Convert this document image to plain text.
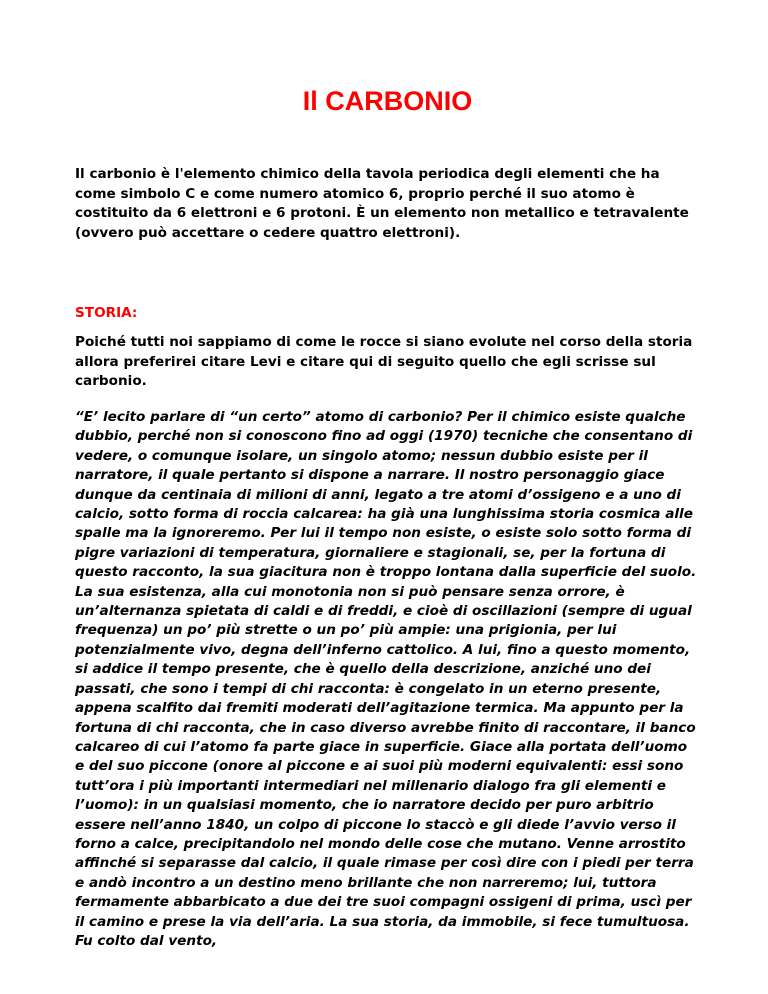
Il CARBONIO

Il carbonio è l'elemento chimico della tavola periodica degli elementi che ha come simbolo C e come numero atomico 6, proprio perché il suo atomo è costituito da 6 elettroni e 6 protoni. È un elemento non metallico e tetravalente (ovvero può accettare o cedere quattro elettroni).

STORIA:

Poiché tutti noi sappiamo di come le rocce si siano evolute nel corso della storia allora preferirei citare Levi e citare qui di seguito quello che egli scrisse sul carbonio.

“E’ lecito parlare di “un certo” atomo di carbonio? Per il chimico esiste qualche dubbio, perché non si conoscono fino ad oggi (1970) tecniche che consentano di vedere, o comunque isolare, un singolo atomo; nessun dubbio esiste per il narratore, il quale pertanto si dispone a narrare. Il nostro personaggio giace dunque da centinaia di milioni di anni, legato a tre atomi d’ossigeno e a uno di calcio, sotto forma di roccia calcarea: ha già una lunghissima storia cosmica alle spalle ma la ignoreremo. Per lui il tempo non esiste, o esiste solo sotto forma di pigre variazioni di temperatura, giornaliere e stagionali, se, per la fortuna di questo racconto, la sua giacitura non è troppo lontana dalla superficie del suolo. La sua esistenza, alla cui monotonia non si può pensare senza orrore, è un’alternanza spietata di caldi e di freddi, e cioè di oscillazioni (sempre di ugual frequenza) un po’ più strette o un po’ più ampie: una prigionia, per lui potenzialmente vivo, degna dell’inferno cattolico. A lui, fino a questo momento, si addice il tempo presente, che è quello della descrizione, anziché uno dei passati, che sono i tempi di chi racconta: è congelato in un eterno presente, appena scalfito dai fremiti moderati dell’agitazione termica. Ma appunto per la fortuna di chi racconta, che in caso diverso avrebbe finito di raccontare, il banco calcareo di cui l’atomo fa parte giace in superficie. Giace alla portata dell’uomo e del suo piccone (onore al piccone e ai suoi più moderni equivalenti: essi sono tutt’ora i più importanti intermediari nel millenario dialogo fra gli elementi e l’uomo): in un qualsiasi momento, che io narratore decido per puro arbitrio essere nell’anno 1840, un colpo di piccone lo staccò e gli diede l’avvio verso il forno a calce, precipitandolo nel mondo delle cose che mutano. Venne arrostito affinché si separasse dal calcio, il quale rimase per così dire con i piedi per terra e andò incontro a un destino meno brillante che non narreremo; lui, tuttora fermamente abbarbicato a due dei tre suoi compagni ossigeni di prima, uscì per il camino e prese la via dell’aria. La sua storia, da immobile, si fece tumultuosa. Fu colto dal vento,
